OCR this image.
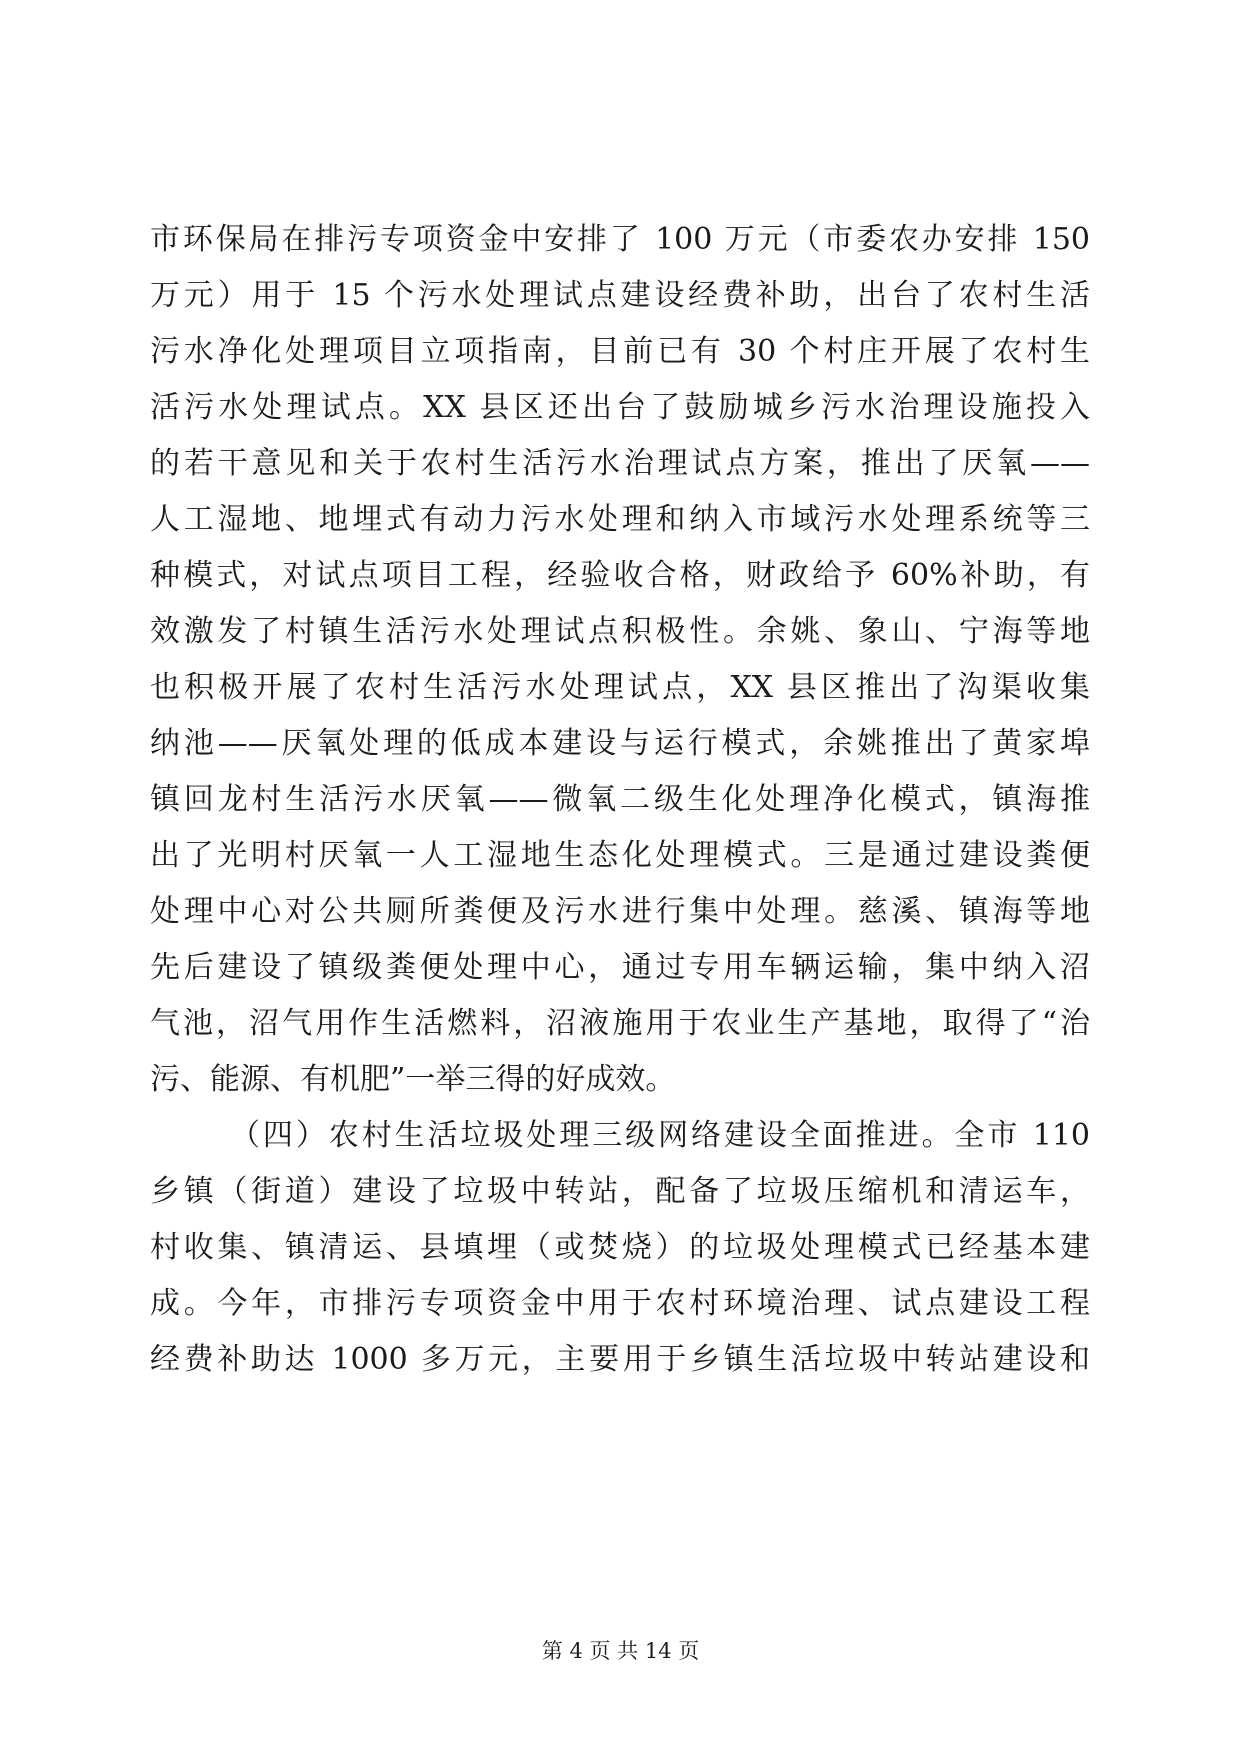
市环保局在排污专项资金中安排了 100 万元（市委农办安排 150
万元）用于 15 个污水处理试点建设经费补助，出台了农村生活
污水净化处理项目立项指南，目前已有 30 个村庄开展了农村生
活污水处理试点。XX 县区还出台了鼓励城乡污水治理设施投入
的若干意见和关于农村生活污水治理试点方案，推出了厌氧——
人工湿地、地埋式有动力污水处理和纳入市域污水处理系统等三
种模式，对试点项目工程，经验收合格，财政给予 60%补助，有
效激发了村镇生活污水处理试点积极性。余姚、象山、宁海等地
也积极开展了农村生活污水处理试点，XX 县区推出了沟渠收集
纳池——厌氧处理的低成本建设与运行模式，余姚推出了黄家埠
镇回龙村生活污水厌氧——微氧二级生化处理净化模式，镇海推
出了光明村厌氧一人工湿地生态化处理模式。三是通过建设粪便
处理中心对公共厕所粪便及污水进行集中处理。慈溪、镇海等地
先后建设了镇级粪便处理中心，通过专用车辆运输，集中纳入沼
气池，沼气用作生活燃料，沼液施用于农业生产基地，取得了“治
污、能源、有机肥”一举三得的好成效。
（四）农村生活垃圾处理三级网络建设全面推进。全市 110
乡镇（街道）建设了垃圾中转站，配备了垃圾压缩机和清运车，
村收集、镇清运、县填埋（或焚烧）的垃圾处理模式已经基本建
成。今年，市排污专项资金中用于农村环境治理、试点建设工程
经费补助达 1000 多万元，主要用于乡镇生活垃圾中转站建设和
第 4 页 共 14 页
